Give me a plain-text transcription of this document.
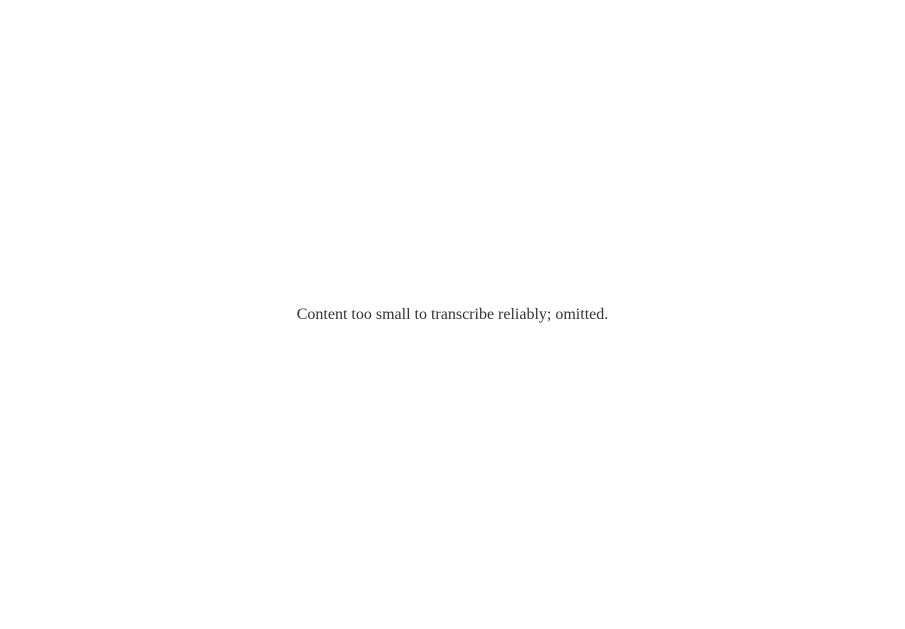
Content too small to transcribe reliably; omitted.
